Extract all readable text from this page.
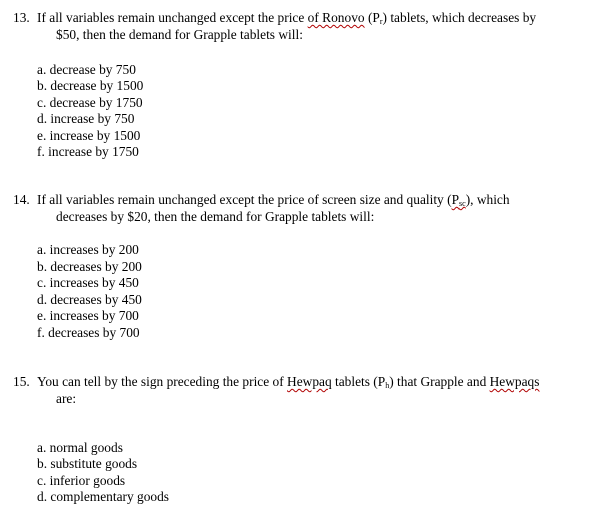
13. If all variables remain unchanged except the price of Ronovo $(P_r)$ tablets, which decreases by
$50, then the demand for Grapple tablets will:
a. decrease by 750
b. decrease by 1500
c. decrease by 1750
d. increase by 750
e. increase by 1500
f. increase by 1750
14. If all variables remain unchanged except the price of screen size and quality $(P_{sc})$, which
decreases by $20, then the demand for Grapple tablets will:
a. increases by 200
b. decreases by 200
c. increases by 450
d. decreases by 450
e. increases by 700
f. decreases by 700
15. You can tell by the sign preceding the price of Hewpaq tablets $(P_h)$ that Grapple and Hewpaqs
are:
a. normal goods
b. substitute goods
c. inferior goods
d. complementary goods
